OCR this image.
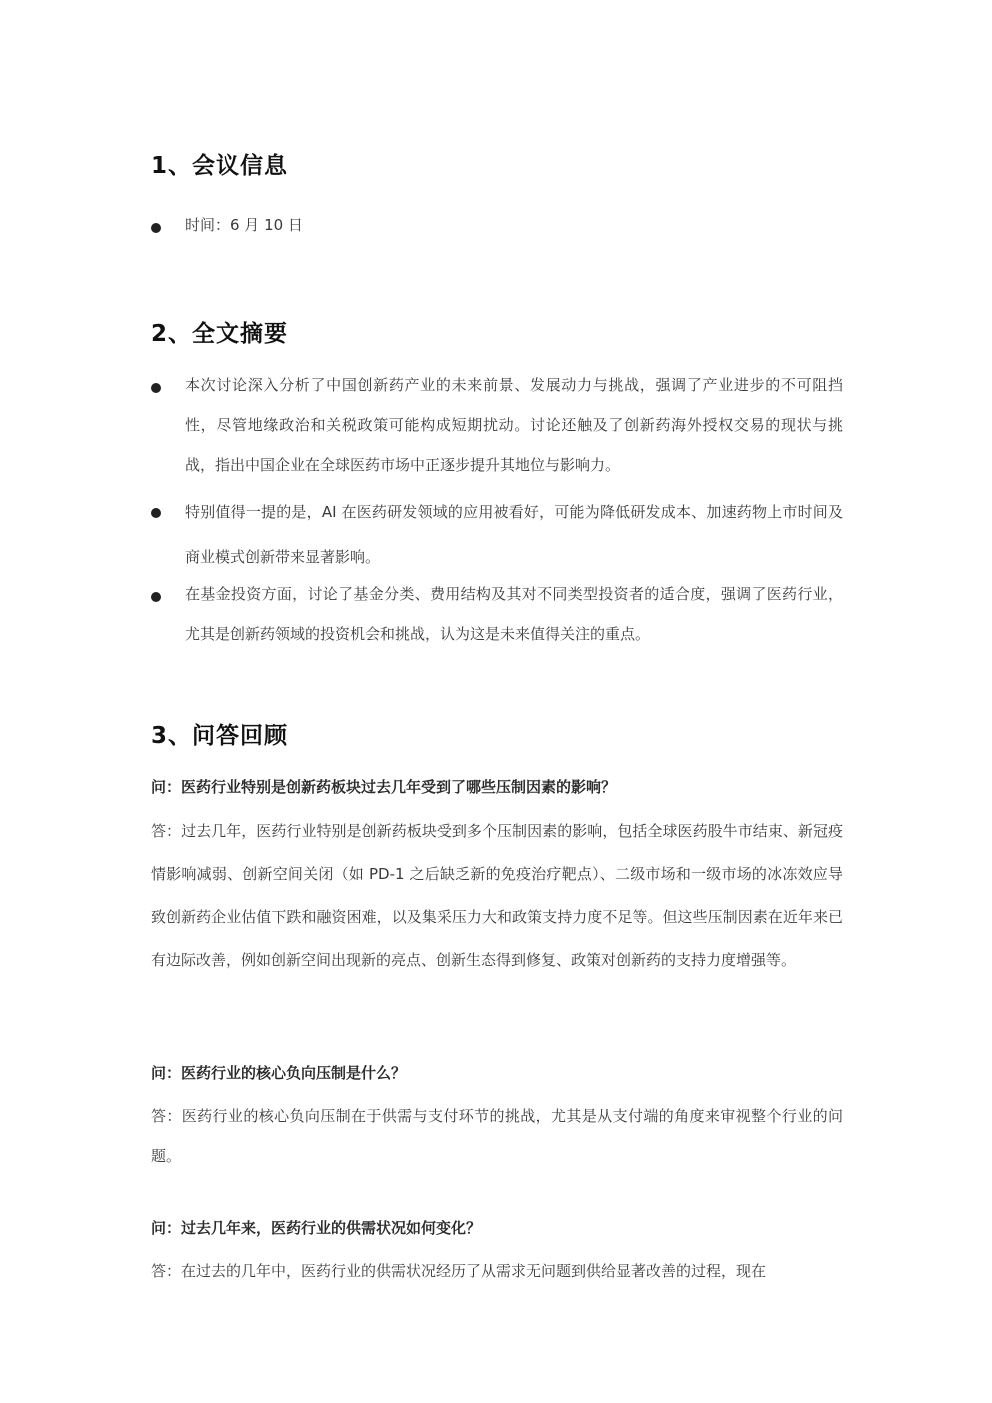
1、会议信息
时间：6 月 10 日
2、全文摘要
本次讨论深入分析了中国创新药产业的未来前景、发展动力与挑战，强调了产业进步的不可阻挡性，尽管地缘政治和关税政策可能构成短期扰动。讨论还触及了创新药海外授权交易的现状与挑战，指出中国企业在全球医药市场中正逐步提升其地位与影响力。
特别值得一提的是，AI 在医药研发领域的应用被看好，可能为降低研发成本、加速药物上市时间及商业模式创新带来显著影响。
在基金投资方面，讨论了基金分类、费用结构及其对不同类型投资者的适合度，强调了医药行业，尤其是创新药领域的投资机会和挑战，认为这是未来值得关注的重点。
3、问答回顾
问：医药行业特别是创新药板块过去几年受到了哪些压制因素的影响？
答：过去几年，医药行业特别是创新药板块受到多个压制因素的影响，包括全球医药股牛市结束、新冠疫情影响减弱、创新空间关闭（如 PD-1 之后缺乏新的免疫治疗靶点）、二级市场和一级市场的冰冻效应导致创新药企业估值下跌和融资困难，以及集采压力大和政策支持力度不足等。但这些压制因素在近年来已有边际改善，例如创新空间出现新的亮点、创新生态得到修复、政策对创新药的支持力度增强等。
问：医药行业的核心负向压制是什么？
答：医药行业的核心负向压制在于供需与支付环节的挑战，尤其是从支付端的角度来审视整个行业的问题。
问：过去几年来，医药行业的供需状况如何变化？
答：在过去的几年中，医药行业的供需状况经历了从需求无问题到供给显著改善的过程，现在
